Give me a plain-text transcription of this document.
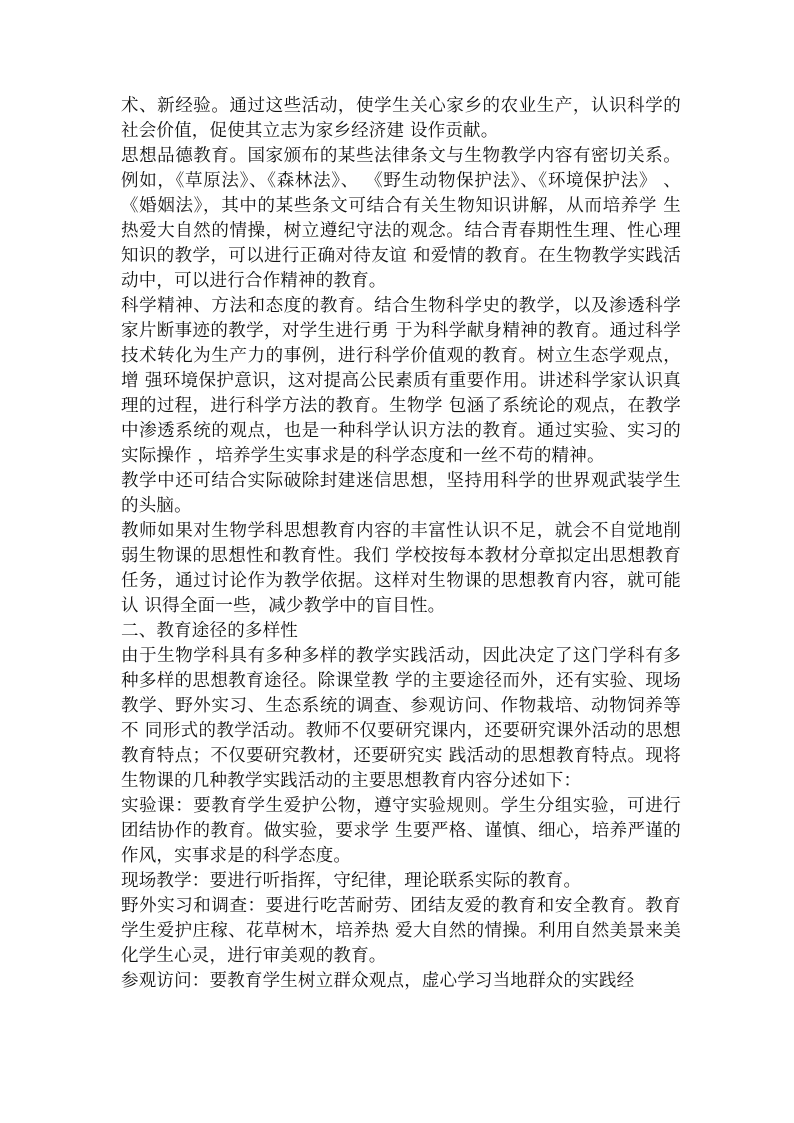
术、新经验。通过这些活动，使学生关心家乡的农业生产，认识科学的社会价值，促使其立志为家乡经济建 设作贡献。

思想品德教育。国家颁布的某些法律条文与生物教学内容有密切关系。例如，《草原法》、《森林法》、 《野生动物保护法》、《环境保护法》 、《婚姻法》，其中的某些条文可结合有关生物知识讲解，从而培养学 生热爱大自然的情操，树立遵纪守法的观念。结合青春期性生理、性心理知识的教学，可以进行正确对待友谊 和爱情的教育。在生物教学实践活动中，可以进行合作精神的教育。

科学精神、方法和态度的教育。结合生物科学史的教学，以及渗透科学家片断事迹的教学，对学生进行勇 于为科学献身精神的教育。通过科学技术转化为生产力的事例，进行科学价值观的教育。树立生态学观点，增 强环境保护意识，这对提高公民素质有重要作用。讲述科学家认识真理的过程，进行科学方法的教育。生物学 包涵了系统论的观点，在教学中渗透系统的观点，也是一种科学认识方法的教育。通过实验、实习的实际操作 ，培养学生实事求是的科学态度和一丝不苟的精神。

教学中还可结合实际破除封建迷信思想，坚持用科学的世界观武装学生的头脑。

教师如果对生物学科思想教育内容的丰富性认识不足，就会不自觉地削弱生物课的思想性和教育性。我们 学校按每本教材分章拟定出思想教育任务，通过讨论作为教学依据。这样对生物课的思想教育内容，就可能认 识得全面一些，减少教学中的盲目性。

二、教育途径的多样性

由于生物学科具有多种多样的教学实践活动，因此决定了这门学科有多种多样的思想教育途径。除课堂教 学的主要途径而外，还有实验、现场教学、野外实习、生态系统的调查、参观访问、作物栽培、动物饲养等不 同形式的教学活动。教师不仅要研究课内，还要研究课外活动的思想教育特点；不仅要研究教材，还要研究实 践活动的思想教育特点。现将生物课的几种教学实践活动的主要思想教育内容分述如下：

实验课：要教育学生爱护公物，遵守实验规则。学生分组实验，可进行团结协作的教育。做实验，要求学 生要严格、谨慎、细心，培养严谨的作风，实事求是的科学态度。

现场教学：要进行听指挥，守纪律，理论联系实际的教育。

野外实习和调查：要进行吃苦耐劳、团结友爱的教育和安全教育。教育学生爱护庄稼、花草树木，培养热 爱大自然的情操。利用自然美景来美化学生心灵，进行审美观的教育。

参观访问：要教育学生树立群众观点，虚心学习当地群众的实践经
